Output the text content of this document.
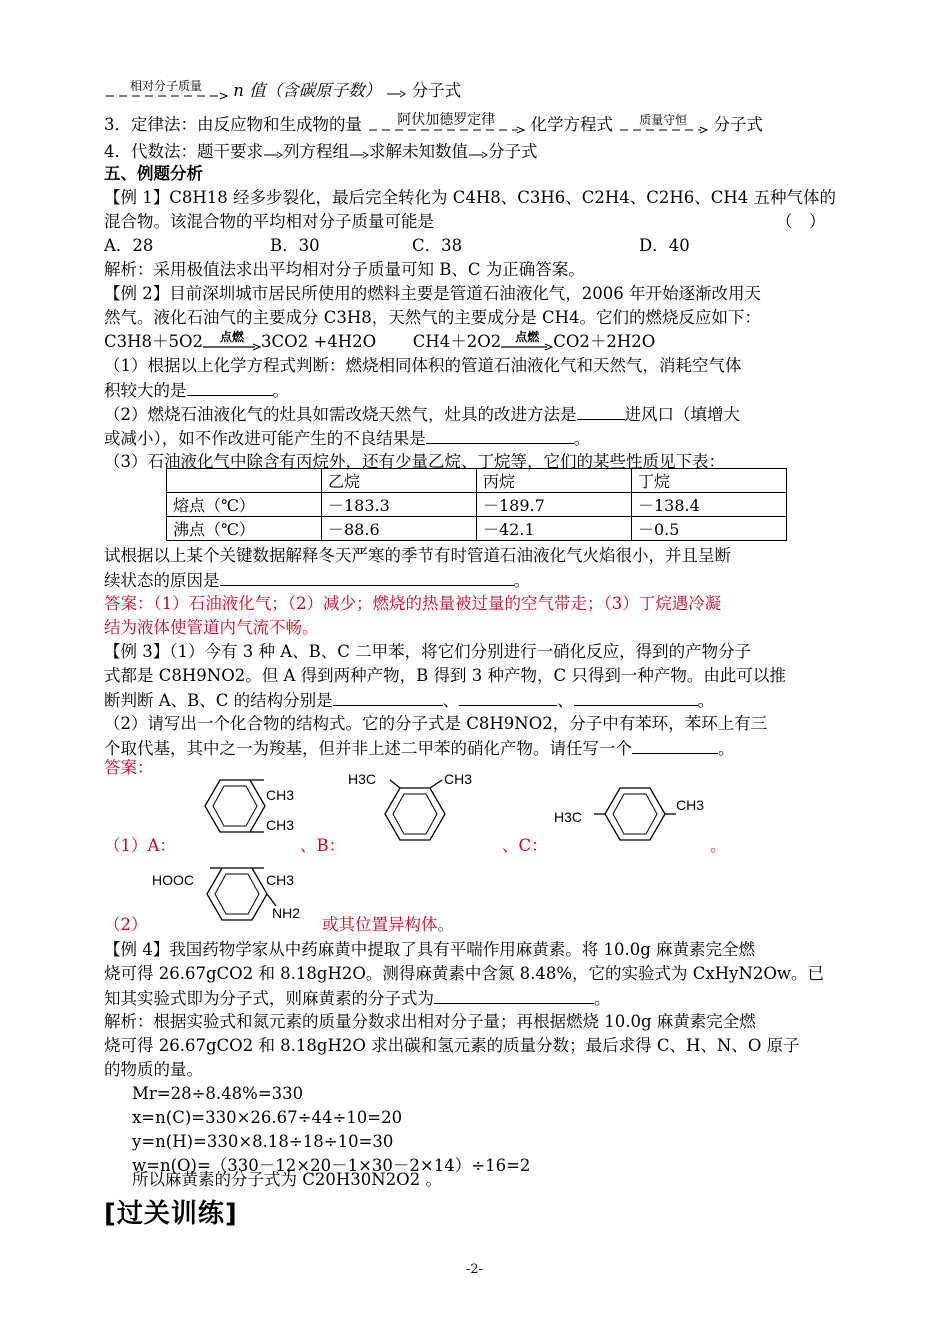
相对分子质量	n 值（含碳原子数） 分子式
3．定律法：由反应物和生成物的量	阿伏加德罗定律	化学方程式	质量守恒	分子式
4．代数法：题干要求 列方程组 求解未知数值 分子式
五、例题分析
【例 1】C8H18 经多步裂化，最后完全转化为 C4H8、C3H6、C2H4、C2H6、CH4 五种气体的
混合物。该混合物的平均相对分子质量可能是	（　）
A．28	B．30	C．38	D．40
解析：采用极值法求出平均相对分子质量可知 B、C 为正确答案。
【例 2】目前深圳城市居民所使用的燃料主要是管道石油液化气，2006 年开始逐渐改用天
然气。液化石油气的主要成分 C3H8，天然气的主要成分是 CH4。它们的燃烧反应如下：
C3H8＋5O2	点燃	3CO2 +4H2O CH4＋2O2	点燃 CO2＋2H2O
（1）根据以上化学方程式判断：燃烧相同体积的管道石油液化气和天然气，消耗空气体
积较大的是	。
（2）燃烧石油液化气的灶具如需改烧天然气，灶具的改进方法是	进风口（填增大
或减小），如不作改进可能产生的不良结果是	。
（3）石油液化气中除含有丙烷外，还有少量乙烷、丁烷等，它们的某些性质见下表：
	乙烷	丙烷	丁烷
熔点（℃）	－183.3	－189.7	－138.4
沸点（℃）	－88.6	－42.1	－0.5
试根据以上某个关键数据解释冬天严寒的季节有时管道石油液化气火焰很小，并且呈断
续状态的原因是	。
答案：（1）石油液化气；（2）减少；燃烧的热量被过量的空气带走；（3）丁烷遇冷凝
结为液体使管道内气流不畅。
【例 3】（1）今有 3 种 A、B、C 二甲苯，将它们分别进行一硝化反应，得到的产物分子
式都是 C8H9NO2。但 A 得到两种产物，B 得到 3 种产物，C 只得到一种产物。由此可以推
断判断 A、B、C 的结构分别是	、	、	。
（2）请写出一个化合物的结构式。它的分子式是 C8H9NO2，分子中有苯环，苯环上有三
个取代基，其中之一为羧基，但并非上述二甲苯的硝化产物。请任写一个	。
答案：
（1）A：	、B：	、C：	。
CH3
CH3
H3C	CH3
H3C
CH3
HOOC	CH3
NH2
（2）	或其位置异构体。
【例 4】我国药物学家从中药麻黄中提取了具有平喘作用麻黄素。将 10.0g 麻黄素完全燃
烧可得 26.67gCO2 和 8.18gH2O。测得麻黄素中含氮 8.48%，它的实验式为 CxHyN2Ow。已
知其实验式即为分子式，则麻黄素的分子式为	。
解析：根据实验式和氮元素的质量分数求出相对分子量；再根据燃烧 10.0g 麻黄素完全燃
烧可得 26.67gCO2 和 8.18gH2O 求出碳和氢元素的质量分数；最后求得 C、H、N、O 原子
的物质的量。
Mr=28÷8.48%=330
x=n(C)=330×26.67÷44÷10=20
y=n(H)=330×8.18÷18÷10=30
w=n(O)=（330－12×20－1×30－2×14）÷16=2
所以麻黄素的分子式为 C20H30N2O2 。
[过关训练]
-2-
